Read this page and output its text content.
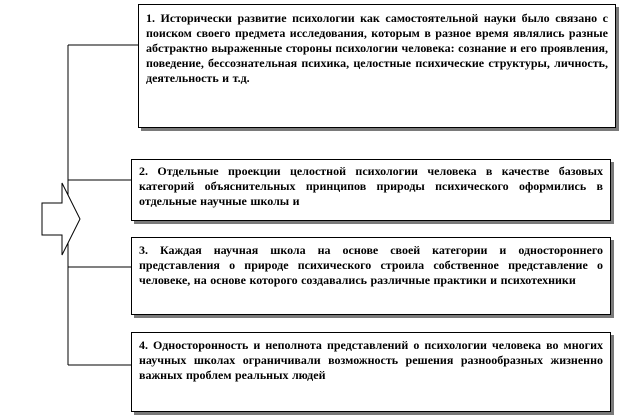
1. Исторически развитие психологии как самостоятельной науки было связано с поиском своего предмета исследования, которым в разное время являлись разные абстрактно выраженные стороны психологии человека: сознание и его проявления, поведение, бессознательная психика, целостные психические структуры, личность, деятельность и т.д.
2. Отдельные проекции целостной психологии человека в качестве базовых категорий объяснительных принципов природы психического оформились в отдельные научные школы и
3. Каждая научная школа на основе своей категории и одностороннего представления о природе психического строила собственное представление о человеке, на основе которого создавались различные практики и психотехники
4. Односторонность и неполнота представлений о психологии человека во многих научных школах ограничивали возможность решения разнообразных жизненно важных проблем реальных людей
